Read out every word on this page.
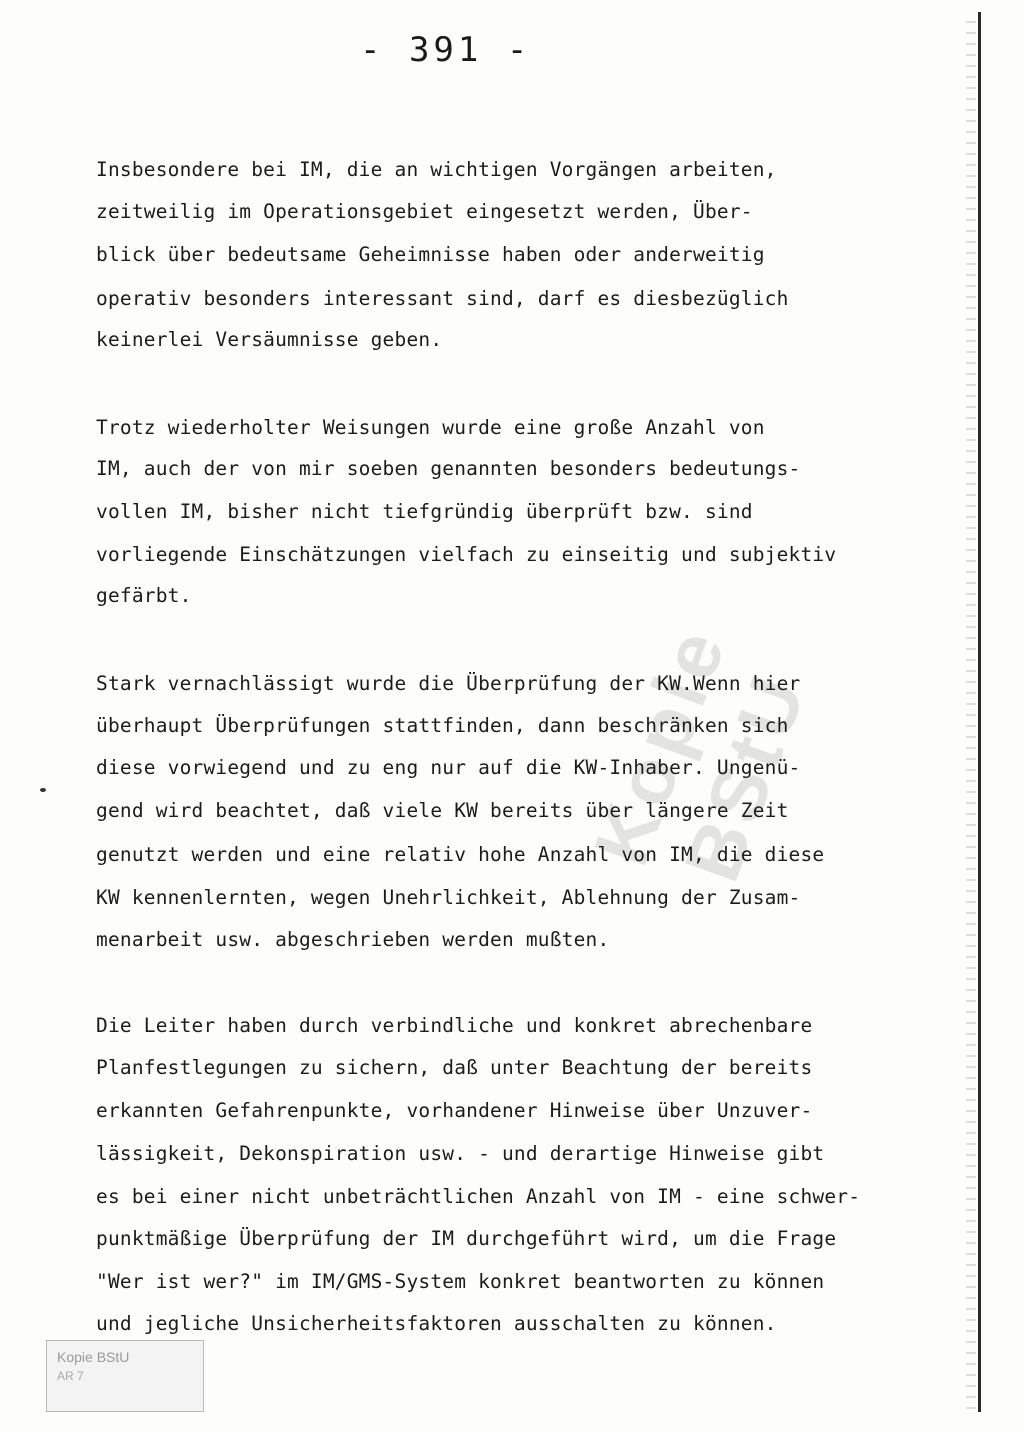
- 391 -
Kopie BStU
Insbesondere bei IM, die an wichtigen Vorgängen arbeiten,
zeitweilig im Operationsgebiet eingesetzt werden, Über-
blick über bedeutsame Geheimnisse haben oder anderweitig
operativ besonders interessant sind, darf es diesbezüglich
keinerlei Versäumnisse geben.
Trotz wiederholter Weisungen wurde eine große Anzahl von
IM, auch der von mir soeben genannten besonders bedeutungs-
vollen IM, bisher nicht tiefgründig überprüft bzw. sind
vorliegende Einschätzungen vielfach zu einseitig und subjektiv
gefärbt.
Stark vernachlässigt wurde die Überprüfung der KW.Wenn hier
überhaupt Überprüfungen stattfinden, dann beschränken sich
diese vorwiegend und zu eng nur auf die KW-Inhaber. Ungenü-
gend wird beachtet, daß viele KW bereits über längere Zeit
genutzt werden und eine relativ hohe Anzahl von IM, die diese
KW kennenlernten, wegen Unehrlichkeit, Ablehnung der Zusam-
menarbeit usw. abgeschrieben werden mußten.
Die Leiter haben durch verbindliche und konkret abrechenbare
Planfestlegungen zu sichern, daß unter Beachtung der bereits
erkannten Gefahrenpunkte, vorhandener Hinweise über Unzuver-
lässigkeit, Dekonspiration usw. - und derartige Hinweise gibt
es bei einer nicht unbeträchtlichen Anzahl von IM - eine schwer-
punktmäßige Überprüfung der IM durchgeführt wird, um die Frage
"Wer ist wer?" im IM/GMS-System konkret beantworten zu können
und jegliche Unsicherheitsfaktoren ausschalten zu können.
Kopie BStU
AR 7
